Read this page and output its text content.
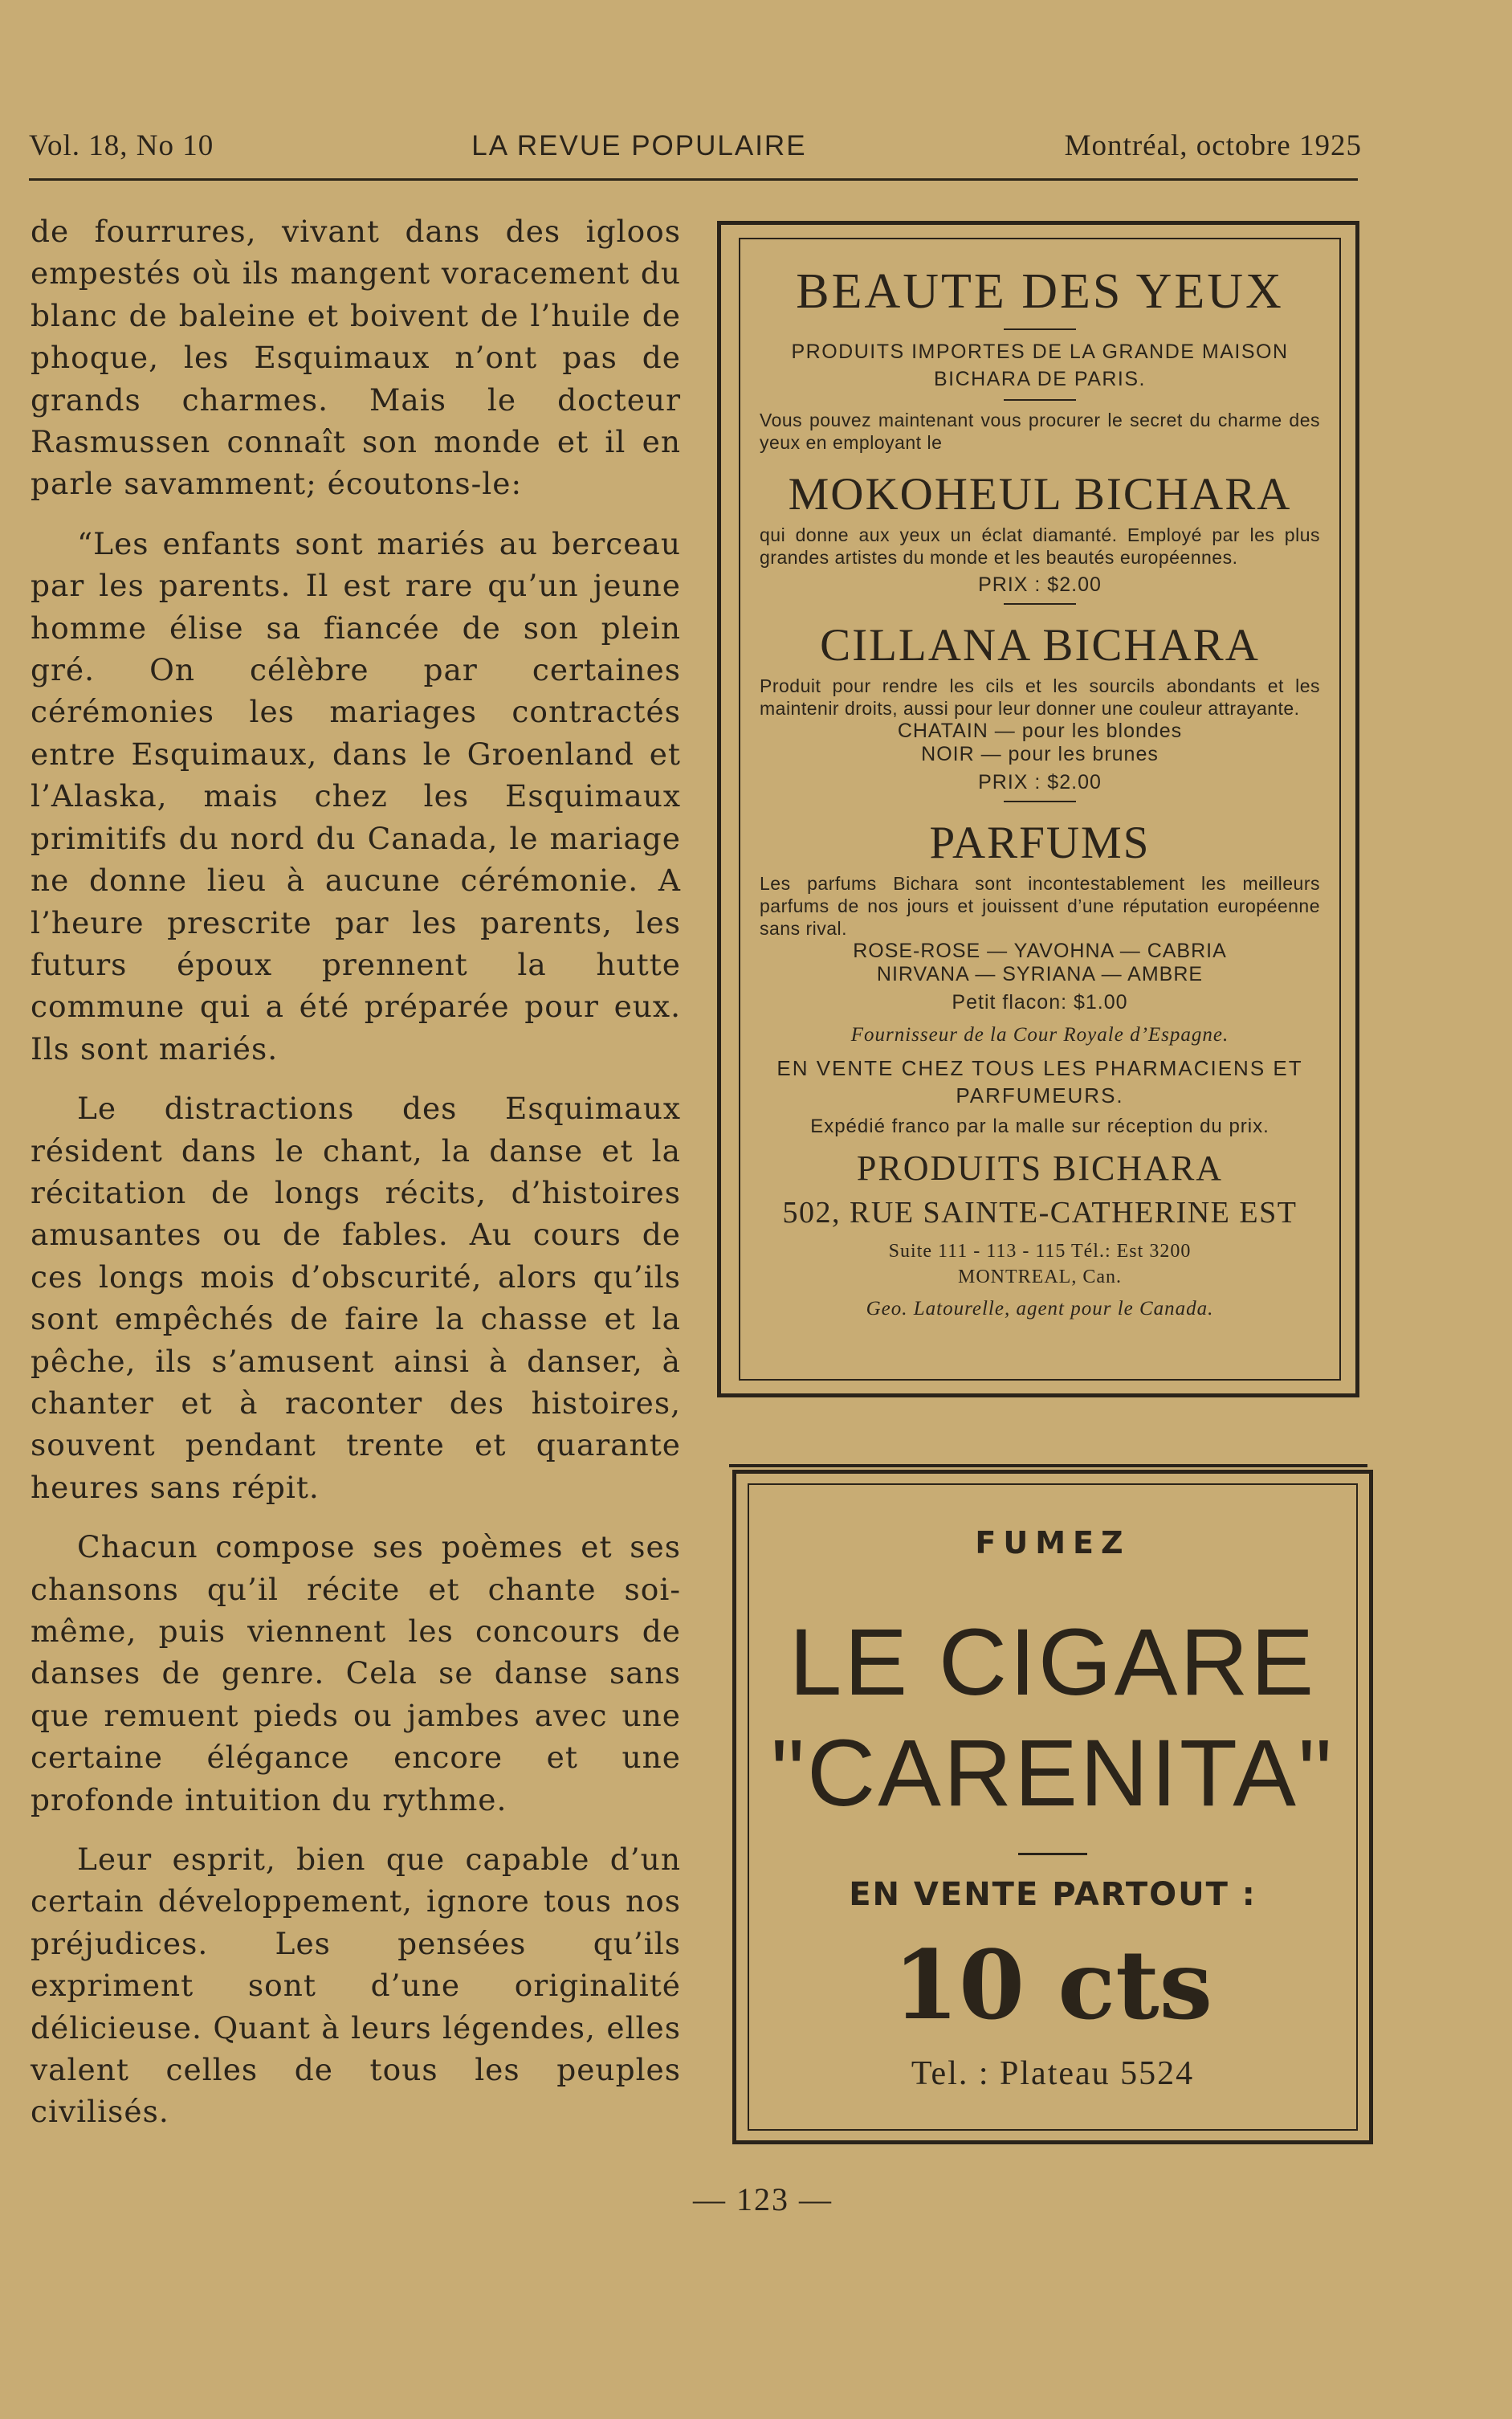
Vol. 18, No 10	LA REVUE POPULAIRE	Montréal, octobre 1925

de fourrures, vivant dans des igloos empestés où ils mangent voracement du blanc de baleine et boivent de l’huile de phoque, les Esquimaux n’ont pas de grands charmes. Mais le docteur Rasmussen connaît son monde et il en parle savamment; écoutons-le:

“Les enfants sont mariés au berceau par les parents. Il est rare qu’un jeune homme élise sa fiancée de son plein gré. On célèbre par certaines cérémonies les mariages contractés entre Esquimaux, dans le Groenland et l’Alaska, mais chez les Esquimaux primitifs du nord du Canada, le mariage ne donne lieu à aucune cérémonie. A l’heure prescrite par les parents, les futurs époux prennent la hutte commune qui a été préparée pour eux. Ils sont mariés.

Le distractions des Esquimaux résident dans le chant, la danse et la récitation de longs récits, d’histoires amusantes ou de fables. Au cours de ces longs mois d’obscurité, alors qu’ils sont empêchés de faire la chasse et la pêche, ils s’amusent ainsi à danser, à chanter et à raconter des histoires, souvent pendant trente et quarante heures sans répit.

Chacun compose ses poèmes et ses chansons qu’il récite et chante soi-même, puis viennent les concours de danses de genre. Cela se danse sans que remuent pieds ou jambes avec une certaine élégance encore et une profonde intuition du rythme.

Leur esprit, bien que capable d’un certain développement, ignore tous nos préjudices. Les pensées qu’ils expriment sont d’une originalité délicieuse. Quant à leurs légendes, elles valent celles de tous les peuples civilisés.

BEAUTE DES YEUX

PRODUITS IMPORTES DE LA GRANDE MAISON BICHARA DE PARIS.

Vous pouvez maintenant vous procurer le secret du charme des yeux en employant le

MOKOHEUL BICHARA

qui donne aux yeux un éclat diamanté. Employé par les plus grandes artistes du monde et les beautés européennes.

PRIX : $2.00

CILLANA BICHARA

Produit pour rendre les cils et les sourcils abondants et les maintenir droits, aussi pour leur donner une couleur attrayante.

CHATAIN — pour les blondes

NOIR — pour les brunes

PRIX : $2.00

PARFUMS

Les parfums Bichara sont incontestablement les meilleurs parfums de nos jours et jouissent d’une réputation européenne sans rival.

ROSE-ROSE — YAVOHNA — CABRIA

NIRVANA — SYRIANA — AMBRE

Petit flacon: $1.00

Fournisseur de la Cour Royale d’Espagne.

EN VENTE CHEZ TOUS LES PHARMACIENS ET PARFUMEURS.

Expédié franco par la malle sur réception du prix.

PRODUITS BICHARA

502, RUE SAINTE-CATHERINE EST

Suite 111 - 113 - 115 Tél.: Est 3200

MONTREAL, Can.

Geo. Latourelle, agent pour le Canada.

FUMEZ

LE CIGARE

"CARENITA"

EN VENTE PARTOUT :

10 cts

Tel. : Plateau 5524

— 123 —
